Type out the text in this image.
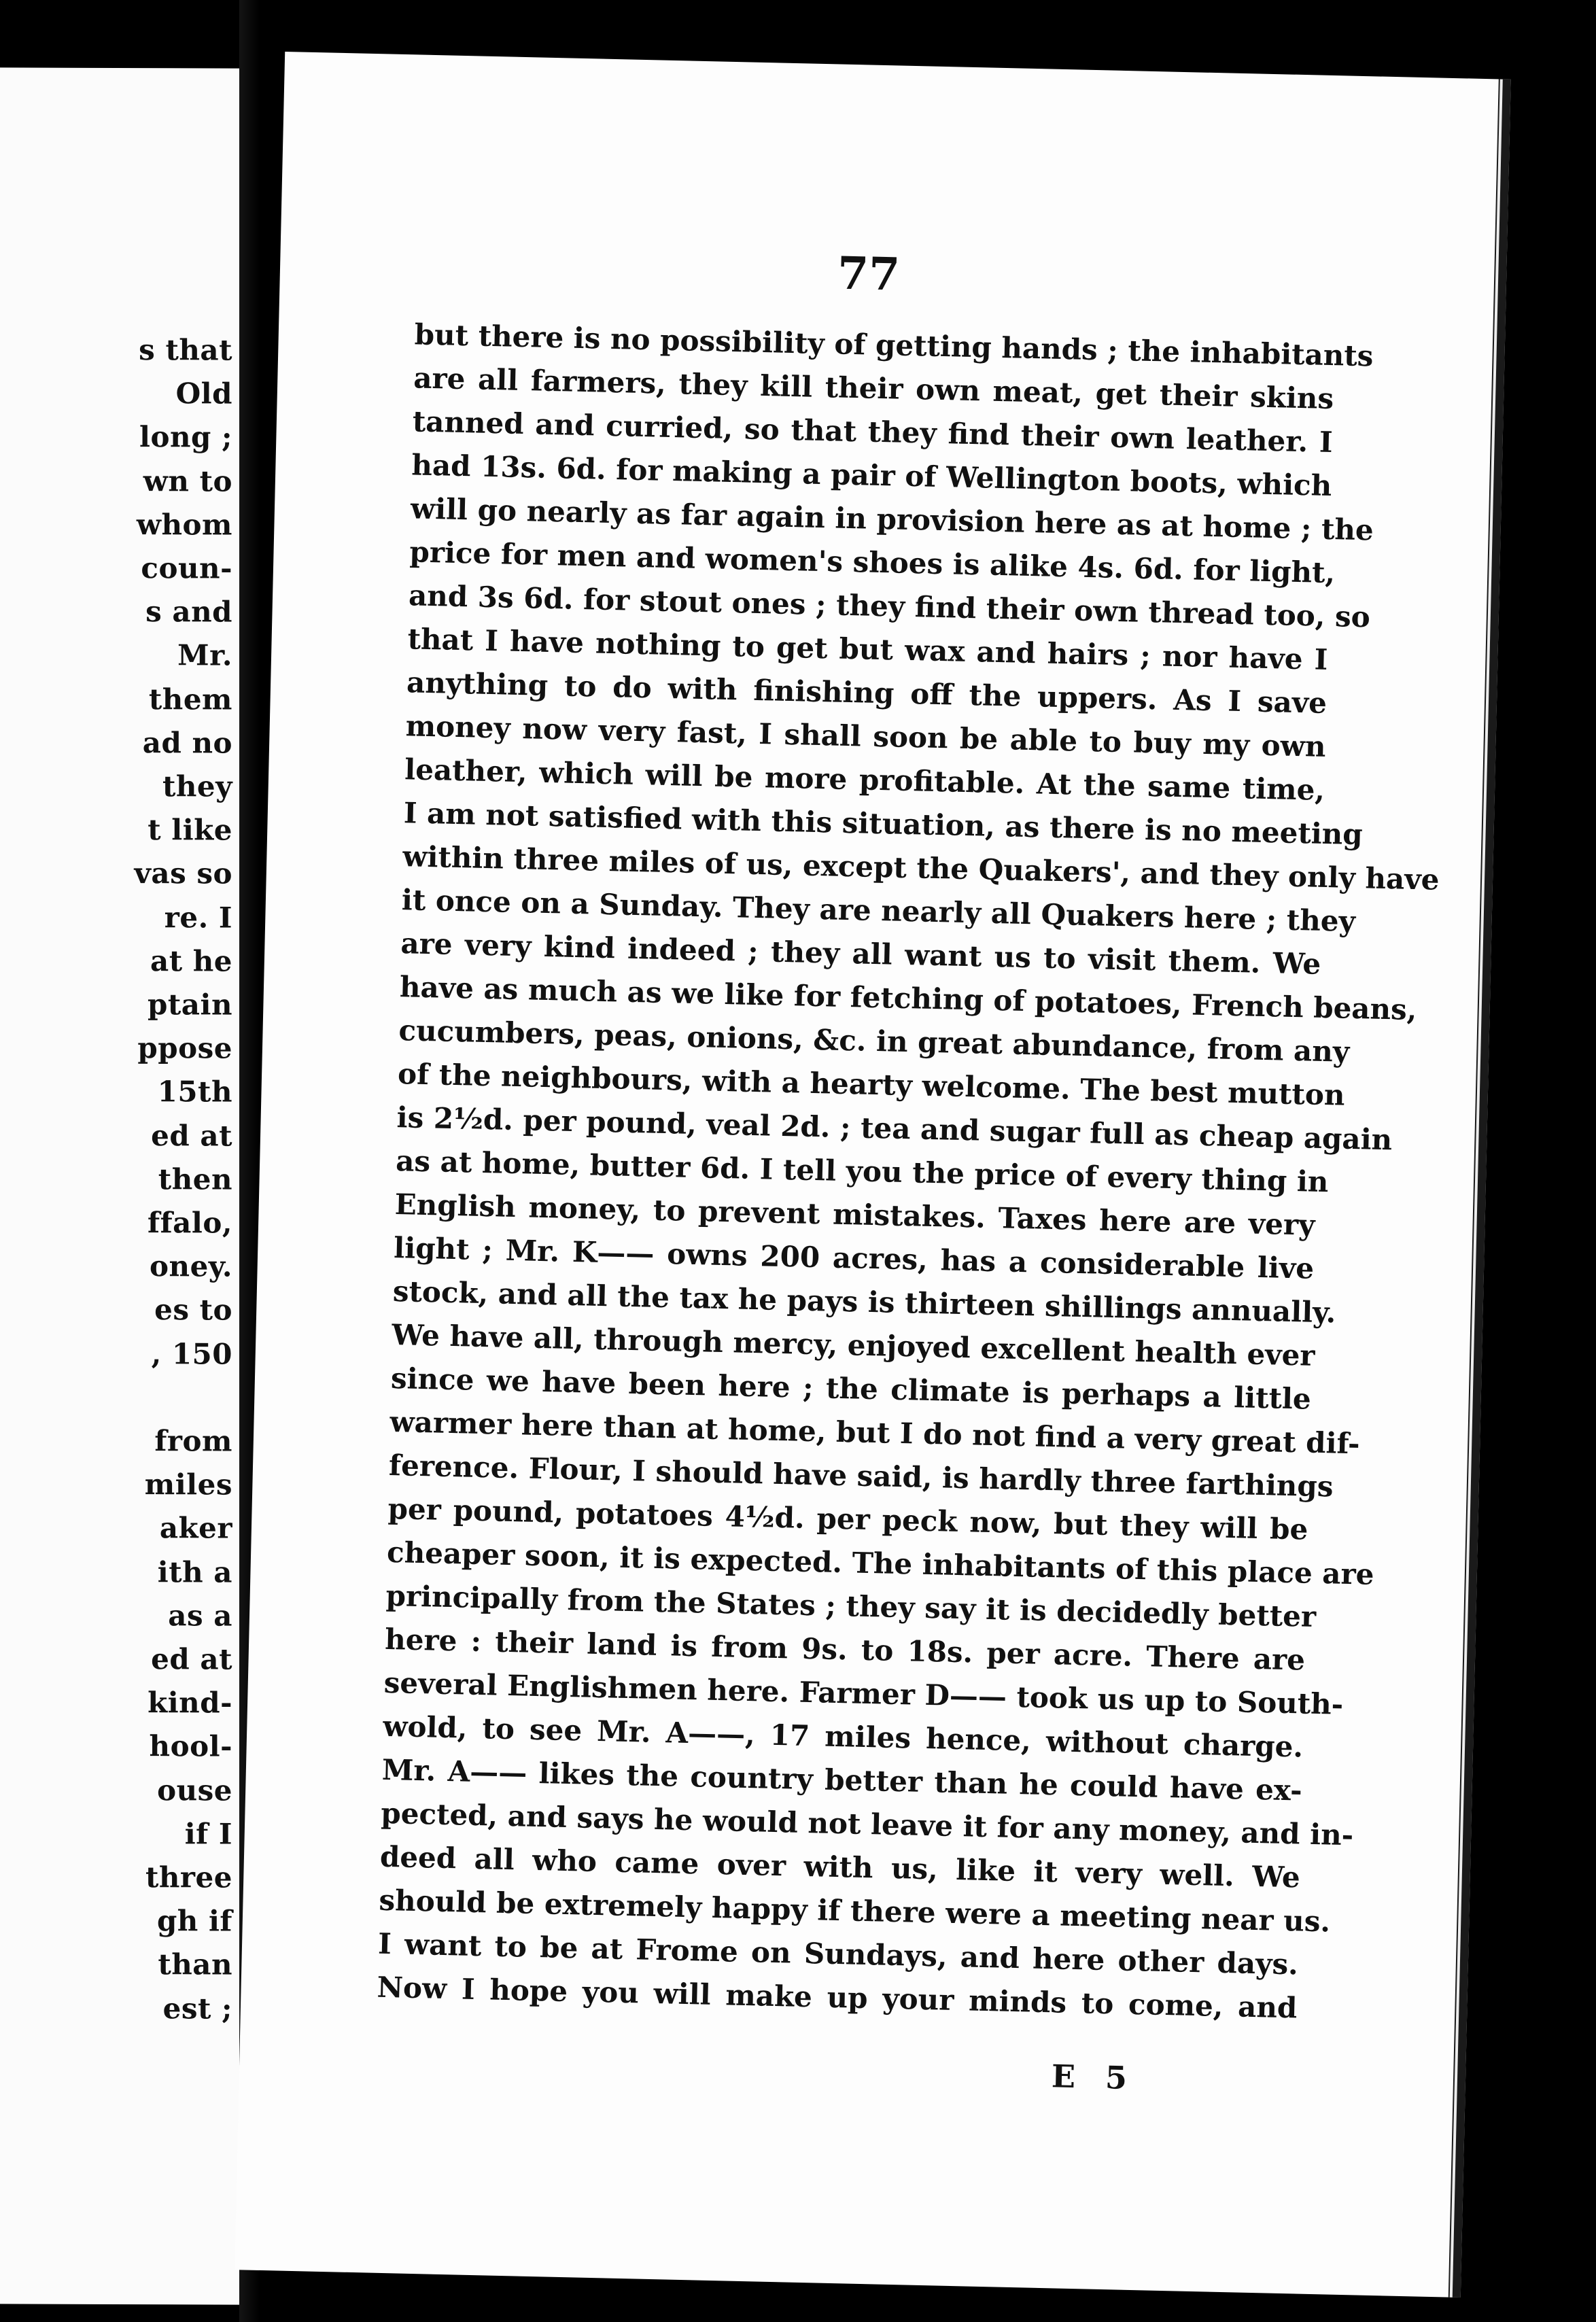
s that
Old
long ;
wn to
whom
coun-
s and
Mr.
them
ad no
they
t like
vas so
re. I
at he
ptain
ppose
15th
ed at
then
ffalo,
oney.
es to
, 150
from
miles
aker
ith a
as a
ed at
kind-
hool-
ouse
if I
three
gh if
than
est ;
77
but there is no possibility of getting hands ; the inhabitants
are all farmers, they kill their own meat, get their skins
tanned and curried, so that they find their own leather. I
had 13s. 6d. for making a pair of Wellington boots, which
will go nearly as far again in provision here as at home ; the
price for men and women's shoes is alike 4s. 6d. for light,
and 3s 6d. for stout ones ; they find their own thread too, so
that I have nothing to get but wax and hairs ; nor have I
anything to do with finishing off the uppers. As I save
money now very fast, I shall soon be able to buy my own
leather, which will be more profitable. At the same time,
I am not satisfied with this situation, as there is no meeting
within three miles of us, except the Quakers', and they only have
it once on a Sunday. They are nearly all Quakers here ; they
are very kind indeed ; they all want us to visit them. We
have as much as we like for fetching of potatoes, French beans,
cucumbers, peas, onions, &c. in great abundance, from any
of the neighbours, with a hearty welcome. The best mutton
is 2½d. per pound, veal 2d. ; tea and sugar full as cheap again
as at home, butter 6d. I tell you the price of every thing in
English money, to prevent mistakes. Taxes here are very
light ; Mr. K—— owns 200 acres, has a considerable live
stock, and all the tax he pays is thirteen shillings annually.
We have all, through mercy, enjoyed excellent health ever
since we have been here ; the climate is perhaps a little
warmer here than at home, but I do not find a very great dif-
ference. Flour, I should have said, is hardly three farthings
per pound, potatoes 4½d. per peck now, but they will be
cheaper soon, it is expected. The inhabitants of this place are
principally from the States ; they say it is decidedly better
here : their land is from 9s. to 18s. per acre. There are
several Englishmen here. Farmer D—— took us up to South-
wold, to see Mr. A——, 17 miles hence, without charge.
Mr. A—— likes the country better than he could have ex-
pected, and says he would not leave it for any money, and in-
deed all who came over with us, like it very well. We
should be extremely happy if there were a meeting near us.
I want to be at Frome on Sundays, and here other days.
Now I hope you will make up your minds to come, and
E 5
